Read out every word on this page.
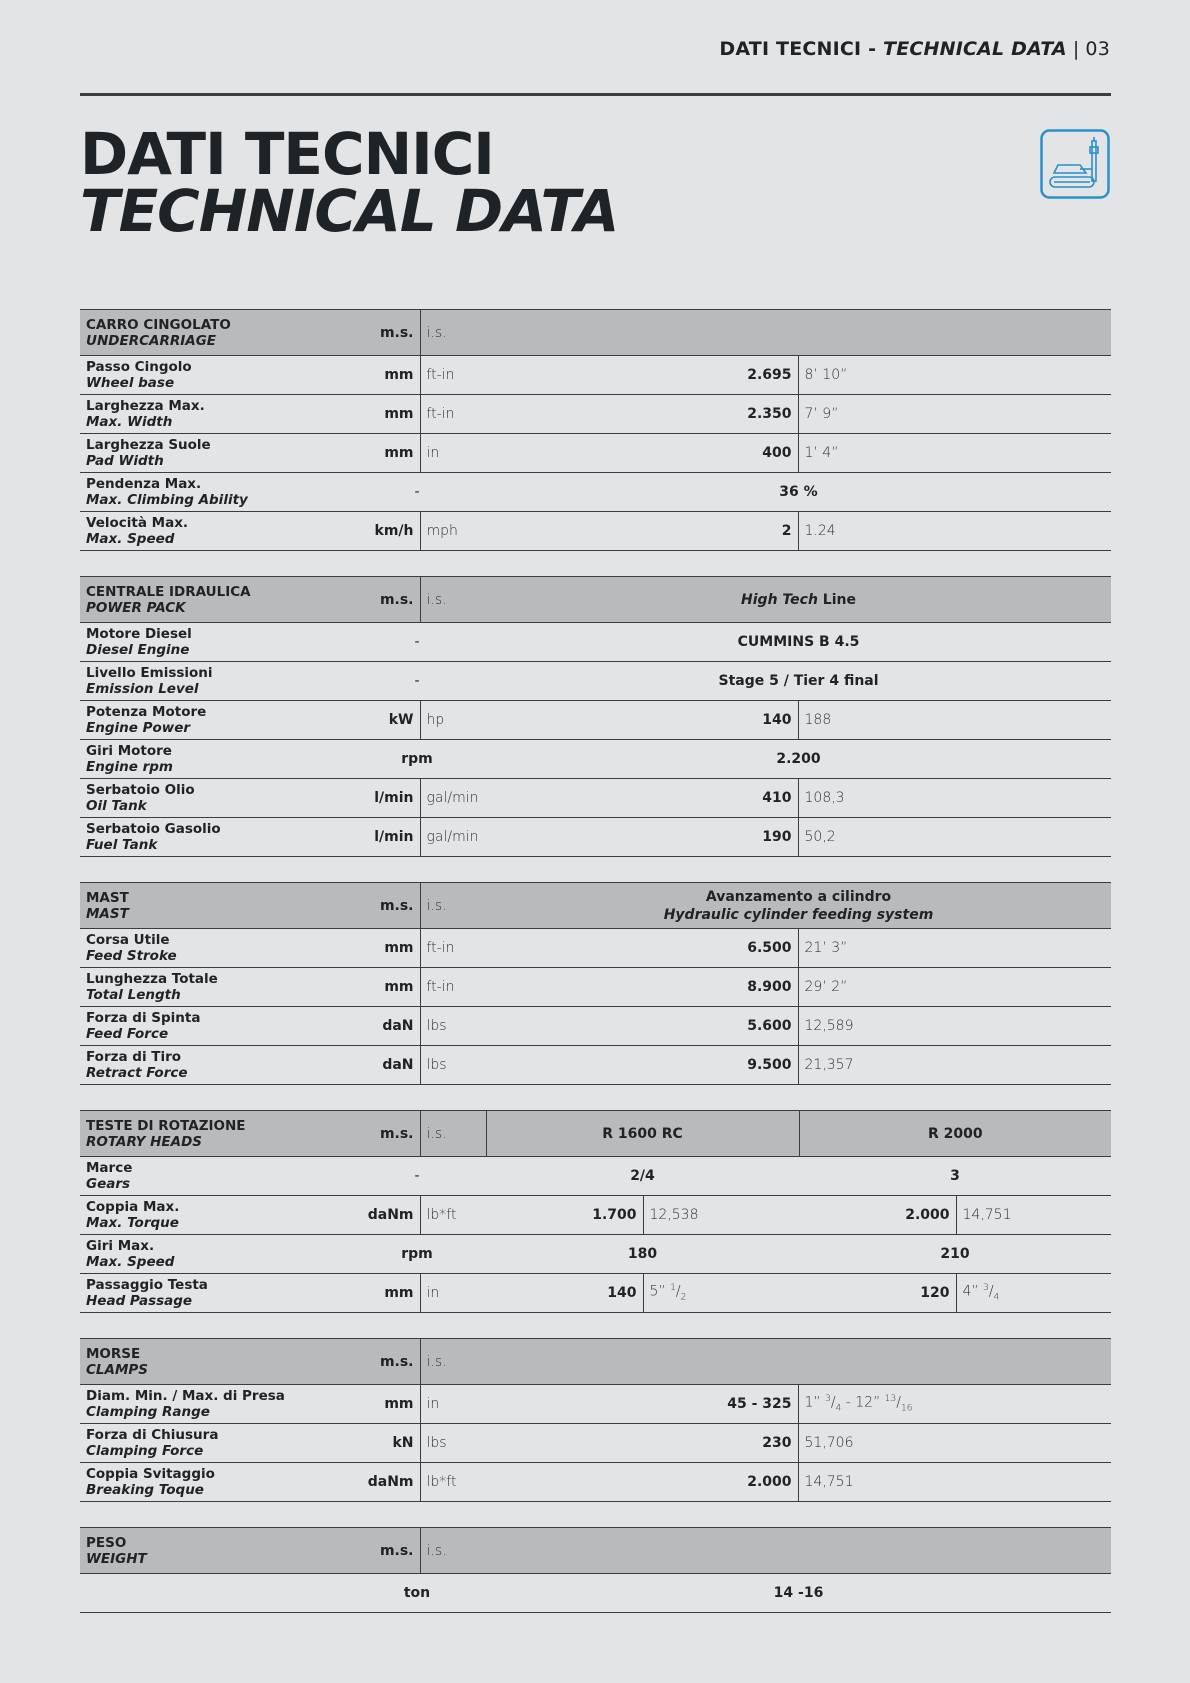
DATI TECNICI - TECHNICAL DATA | 03
DATI TECNICI
TECHNICAL DATA
CARRO CINGOLATO
UNDERCARRIAGE	m.s.	i.s.		

Passo Cingolo
Wheel base	mm	ft-in	2.695	8’ 10”

Larghezza Max.
Max. Width	mm	ft-in	2.350	7’ 9”

Larghezza Suole
Pad Width	mm	in	400	1’ 4”

Pendenza Max.
Max. Climbing Ability	-		36 %	

Velocità Max.
Max. Speed	km/h	mph	2	1.24
CENTRALE IDRAULICA
POWER PACK	m.s.	i.s.	High Tech Line	

Motore Diesel
Diesel Engine	-		CUMMINS B 4.5	

Livello Emissioni
Emission Level	-		Stage 5 / Tier 4 final	

Potenza Motore
Engine Power	kW	hp	140	188

Giri Motore
Engine rpm	rpm		2.200	

Serbatoio Olio
Oil Tank	l/min	gal/min	410	108,3

Serbatoio Gasolio
Fuel Tank	l/min	gal/min	190	50,2
MAST
MAST	m.s.	i.s.	Avanzamento a cilindro
Hydraulic cylinder feeding system	

Corsa Utile
Feed Stroke	mm	ft-in	6.500	21’ 3”

Lunghezza Totale
Total Length	mm	ft-in	8.900	29’ 2”

Forza di Spinta
Feed Force	daN	lbs	5.600	12,589

Forza di Tiro
Retract Force	daN	lbs	9.500	21,357
TESTE DI ROTAZIONE
ROTARY HEADS	m.s.	i.s.	R 1600 RC		R 2000	

Marce
Gears	-		2/4		3	

Coppia Max.
Max. Torque	daNm	lb*ft	1.700	12,538	2.000	14,751

Giri Max.
Max. Speed	rpm		180		210	

Passaggio Testa
Head Passage	mm	in	140	5” $^1/_2$	120	4” $^3/_4$
MORSE
CLAMPS	m.s.	i.s.		

Diam. Min. / Max. di Presa
Clamping Range	mm	in	45 - 325	1” $^3/_4 - 12$” $^{13}/_{16}$

Forza di Chiusura
Clamping Force	kN	lbs	230	51,706

Coppia Svitaggio
Breaking Toque	daNm	lb*ft	2.000	14,751
PESO
WEIGHT	m.s.	i.s.		
	ton		14 -16	
